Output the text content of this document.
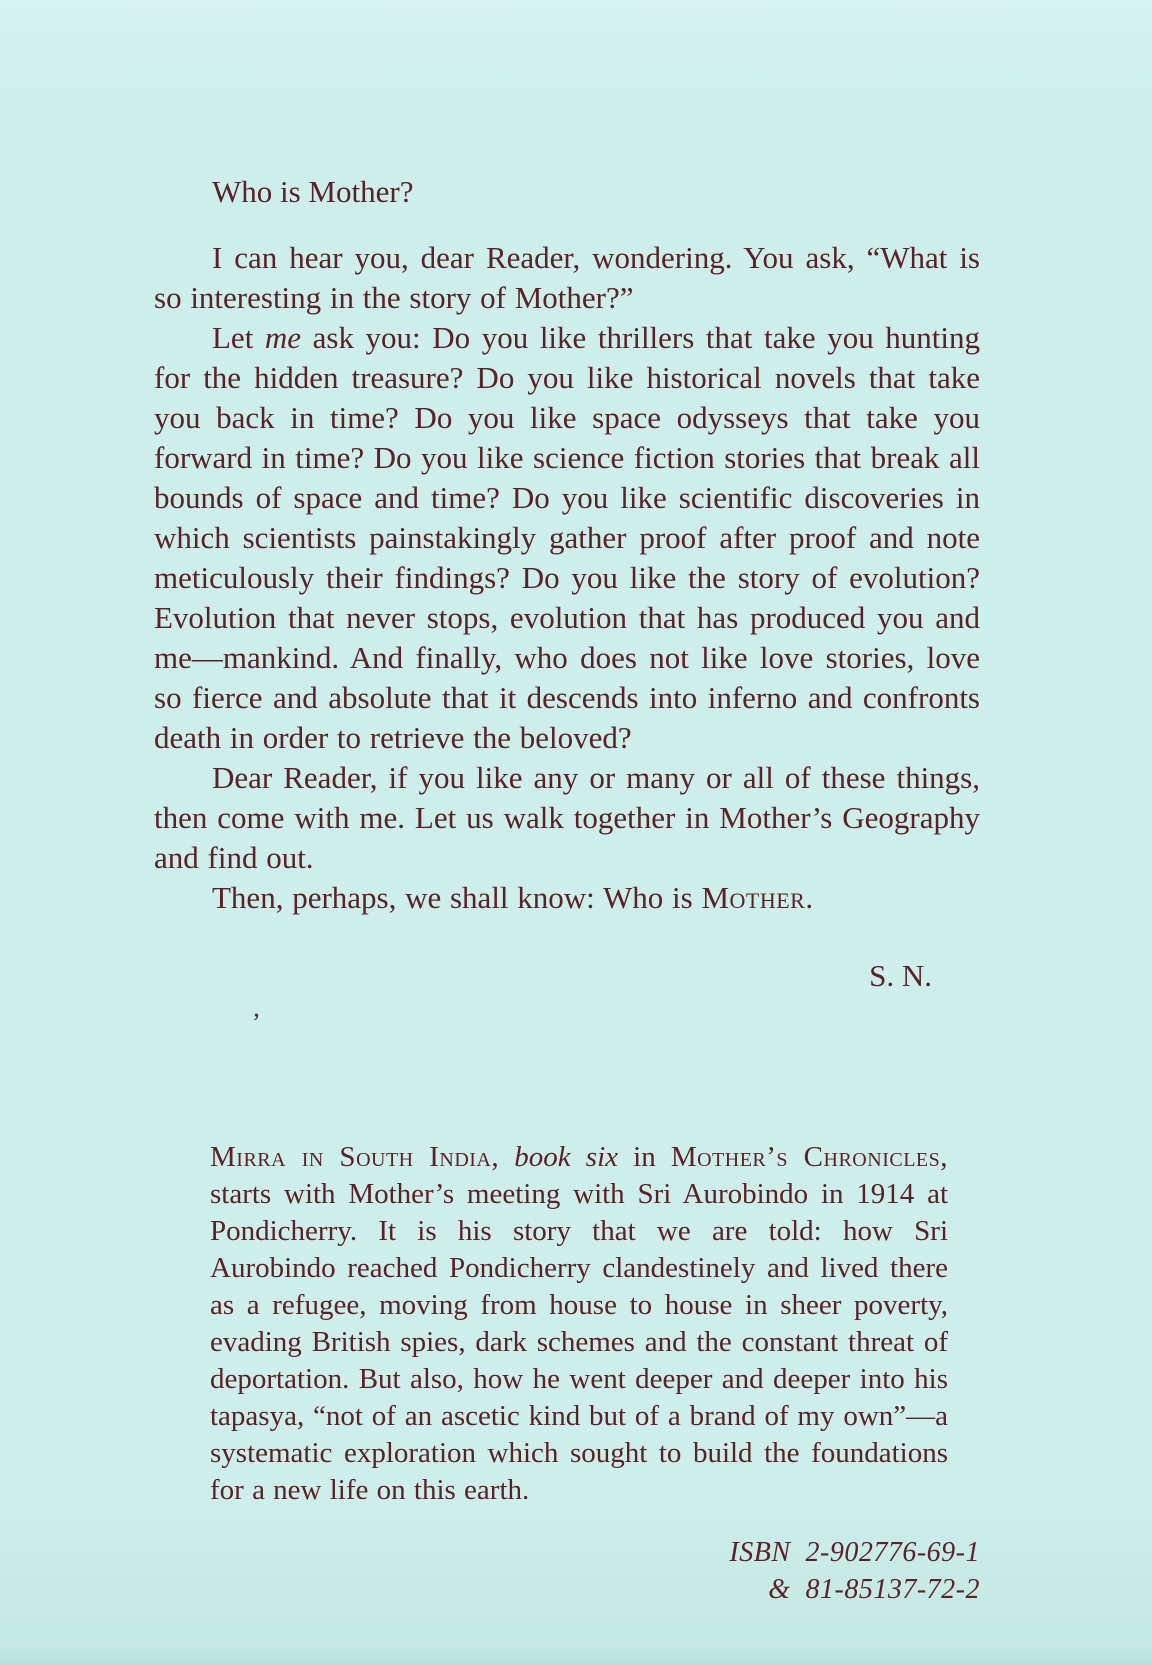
Who is Mother?

I can hear you, dear Reader, wondering. You ask, “What is so interesting in the story of Mother?”

Let me ask you: Do you like thrillers that take you hunting for the hidden treasure? Do you like historical novels that take you back in time? Do you like space odysseys that take you forward in time? Do you like science fiction stories that break all bounds of space and time? Do you like scientific discoveries in which scientists painstakingly gather proof after proof and note meticulously their findings? Do you like the story of evolution? Evolution that never stops, evolution that has produced you and me—mankind. And finally, who does not like love stories, love so fierce and absolute that it descends into inferno and confronts death in order to retrieve the beloved?

Dear Reader, if you like any or many or all of these things, then come with me. Let us walk together in Mother’s Geography and find out.

Then, perhaps, we shall know: Who is Mother.

S. N.
’

Mirra in South India, book six in Mother’s Chronicles, starts with Mother’s meeting with Sri Aurobindo in 1914 at Pondicherry. It is his story that we are told: how Sri Aurobindo reached Pondicherry clandestinely and lived there as a refugee, moving from house to house in sheer poverty, evading British spies, dark schemes and the constant threat of deportation. But also, how he went deeper and deeper into his tapasya, “not of an ascetic kind but of a brand of my own”—a systematic exploration which sought to build the foundations for a new life on this earth.

ISBN  2-902776-69-1
&  81-85137-72-2
